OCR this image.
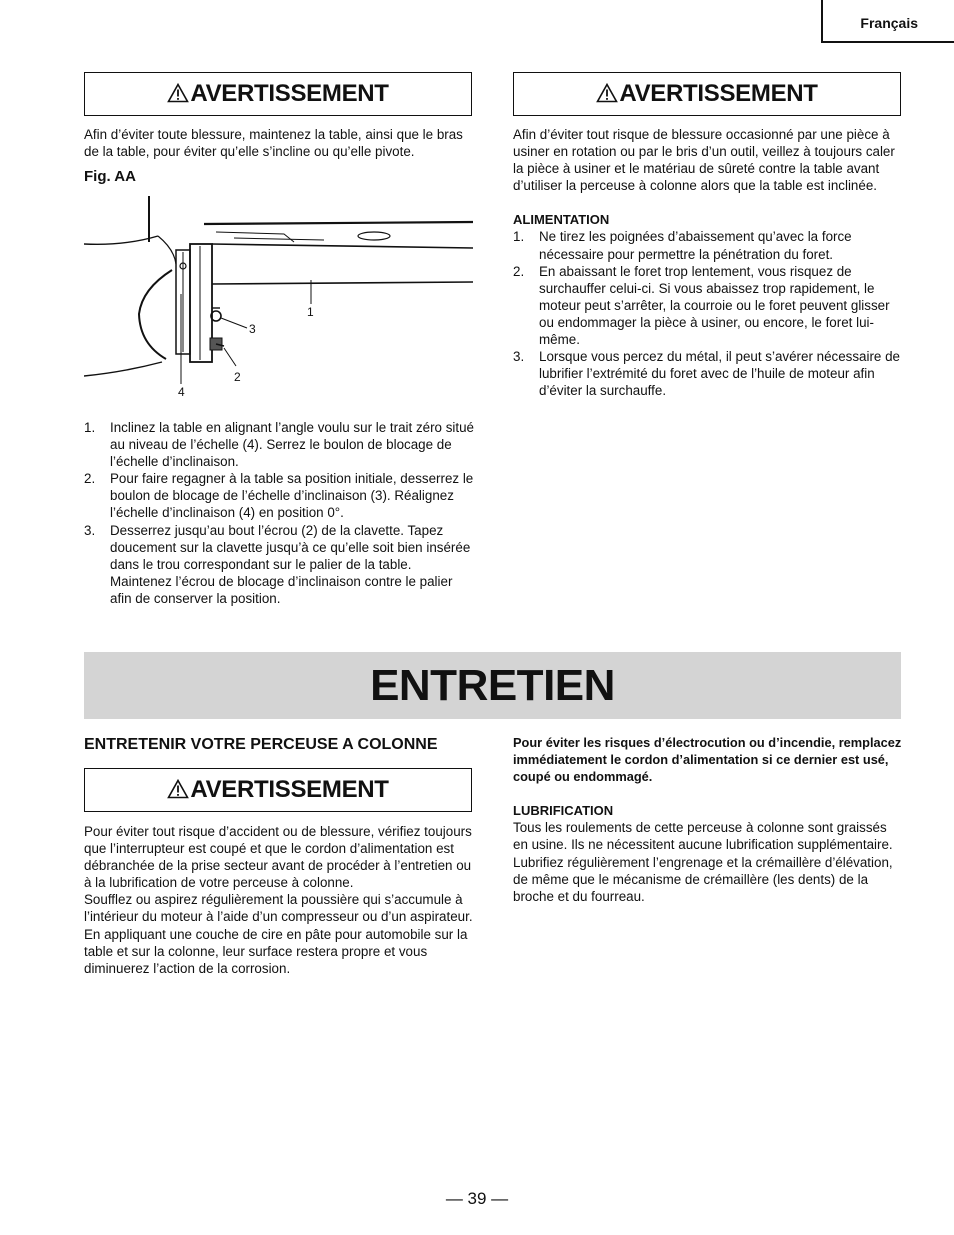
Français
AVERTISSEMENT	AVERTISSEMENT

Afin d’éviter toute blessure, maintenez la table, ainsi que le bras de la table, pour éviter qu’elle s’incline ou qu’elle pivote.

Fig. AA
1
2
3
4
1. Inclinez la table en alignant l’angle voulu sur le trait zéro situé au niveau de l’échelle (4). Serrez le boulon de blocage de l’échelle d’inclinaison.
2. Pour faire regagner à la table sa position initiale, desserrez le boulon de blocage de l’échelle d’inclinaison (3). Réalignez l’échelle d’inclinaison (4) en position 0°.
3. Desserrez jusqu’au bout l’écrou (2) de la clavette. Tapez doucement sur la clavette jusqu’à ce qu’elle soit bien insérée dans le trou correspondant sur le palier de la table. Maintenez l’écrou de blocage d’inclinaison contre le palier afin de conserver la position.

Afin d’éviter tout risque de blessure occasionné par une pièce à usiner en rotation ou par le bris d’un outil, veillez à toujours caler la pièce à usiner et le matériau de sûreté contre la table avant d’utiliser la perceuse à colonne alors que la table est inclinée.

ALIMENTATION

1. Ne tirez les poignées d’abaissement qu’avec la force nécessaire pour permettre la pénétration du foret.
2. En abaissant le foret trop lentement, vous risquez de surchauffer celui-ci. Si vous abaissez trop rapidement, le moteur peut s’arrêter, la courroie ou le foret peuvent glisser ou endommager la pièce à usiner, ou encore, le foret lui-même.
3. Lorsque vous percez du métal, il peut s’avérer nécessaire de lubrifier l’extrémité du foret avec de l’huile de moteur afin d’éviter la surchauffe.
ENTRETIEN
ENTRETENIR VOTRE PERCEUSE A COLONNE
AVERTISSEMENT

Pour éviter tout risque d’accident ou de blessure, vérifiez toujours que l’interrupteur est coupé et que le cordon d’alimentation est débranchée de la prise secteur avant de procéder à l’entretien ou à la lubrification de votre perceuse à colonne.

Soufflez ou aspirez régulièrement la poussière qui s’accumule à l’intérieur du moteur à l’aide d’un compresseur ou d’un aspirateur.

En appliquant une couche de cire en pâte pour automobile sur la table et sur la colonne, leur surface restera propre et vous diminuerez l’action de la corrosion.

Pour éviter les risques d’électrocution ou d’incendie, remplacez immédiatement le cordon d’alimentation si ce dernier est usé, coupé ou endommagé.

LUBRIFICATION

Tous les roulements de cette perceuse à colonne sont graissés en usine. Ils ne nécessitent aucune lubrification supplémentaire.

Lubrifiez régulièrement l’engrenage et la crémaillère d’élévation, de même que le mécanisme de crémaillère (les dents) de la broche et du fourreau.

— 39 —
